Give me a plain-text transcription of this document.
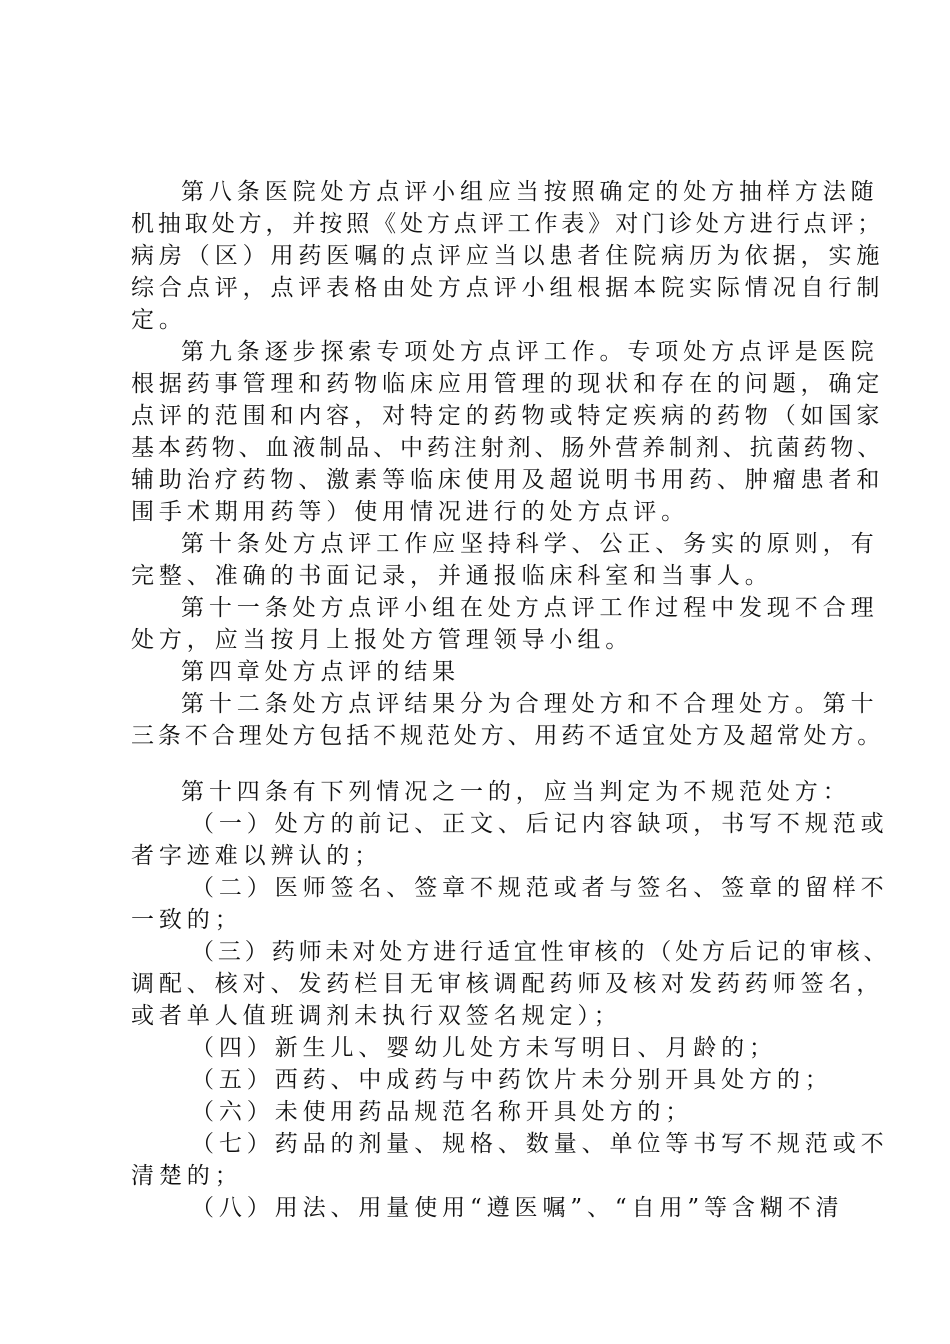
第八条医院处方点评小组应当按照确定的处方抽样方法随
机抽取处方，并按照《处方点评工作表》对门诊处方进行点评；
病房（区）用药医嘱的点评应当以患者住院病历为依据，实施
综合点评，点评表格由处方点评小组根据本院实际情况自行制
定。
第九条逐步探索专项处方点评工作。专项处方点评是医院
根据药事管理和药物临床应用管理的现状和存在的问题，确定
点评的范围和内容，对特定的药物或特定疾病的药物（如国家
基本药物、血液制品、中药注射剂、肠外营养制剂、抗菌药物、
辅助治疗药物、激素等临床使用及超说明书用药、肿瘤患者和
围手术期用药等）使用情况进行的处方点评。
第十条处方点评工作应坚持科学、公正、务实的原则，有
完整、准确的书面记录，并通报临床科室和当事人。
第十一条处方点评小组在处方点评工作过程中发现不合理
处方，应当按月上报处方管理领导小组。
第四章处方点评的结果
第十二条处方点评结果分为合理处方和不合理处方。第十
三条不合理处方包括不规范处方、用药不适宜处方及超常处方。
第十四条有下列情况之一的，应当判定为不规范处方：
（一）处方的前记、正文、后记内容缺项，书写不规范或
者字迹难以辨认的；
（二）医师签名、签章不规范或者与签名、签章的留样不
一致的；
（三）药师未对处方进行适宜性审核的（处方后记的审核、
调配、核对、发药栏目无审核调配药师及核对发药药师签名，
或者单人值班调剂未执行双签名规定）；
（四）新生儿、婴幼儿处方未写明日、月龄的；
（五）西药、中成药与中药饮片未分别开具处方的；
（六）未使用药品规范名称开具处方的；
（七）药品的剂量、规格、数量、单位等书写不规范或不
清楚的；
（八）用法、用量使用“遵医嘱”、“自用”等含糊不清
